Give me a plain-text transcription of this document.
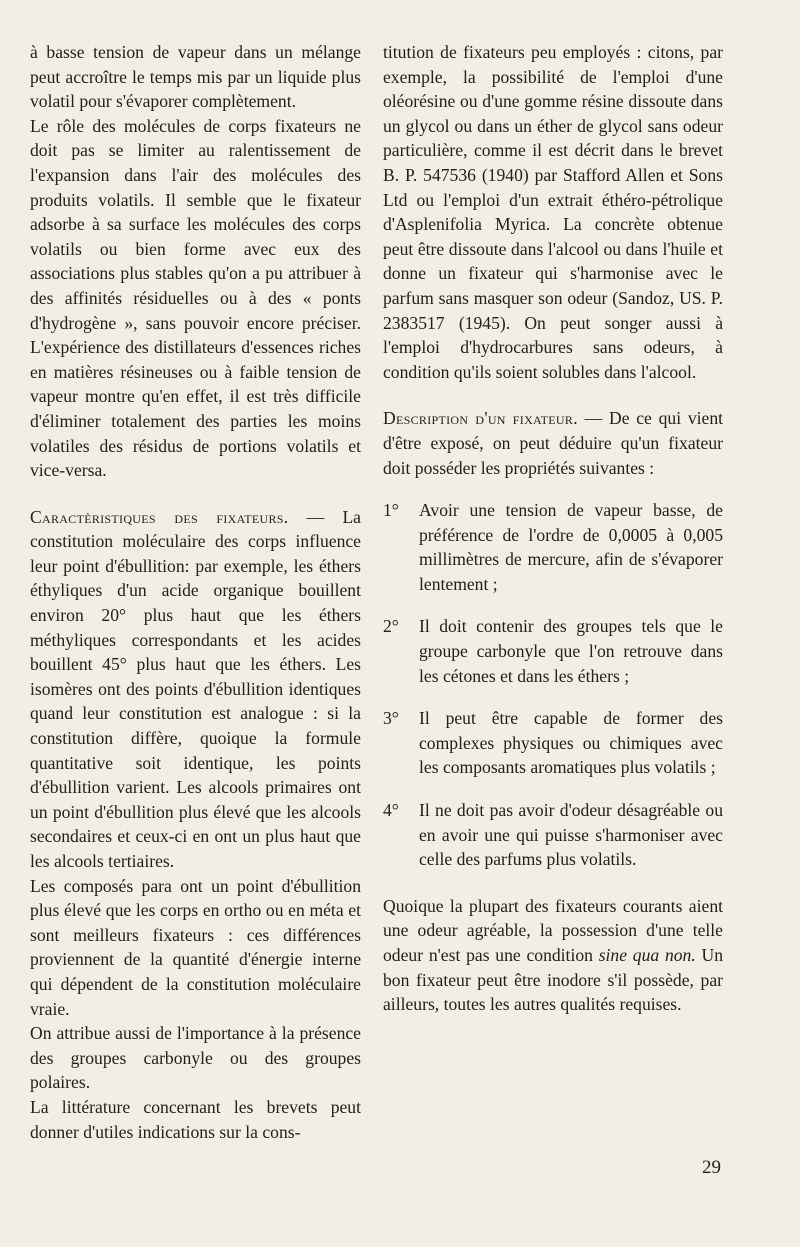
à basse tension de vapeur dans un mélange peut accroître le temps mis par un liquide plus volatil pour s'évaporer complètement.

Le rôle des molécules de corps fixateurs ne doit pas se limiter au ralentissement de l'expansion dans l'air des molécules des produits volatils. Il semble que le fixateur adsorbe à sa surface les molécules des corps volatils ou bien forme avec eux des associations plus stables qu'on a pu attribuer à des affinités résiduelles ou à des « ponts d'hydrogène », sans pouvoir encore préciser. L'expérience des distillateurs d'essences riches en matières résineuses ou à faible tension de vapeur montre qu'en effet, il est très difficile d'éliminer totalement des parties les moins volatiles des résidus de portions volatils et vice-versa.

Caractèristiques des fixateurs. — La constitution moléculaire des corps influence leur point d'ébullition: par exemple, les éthers éthyliques d'un acide organique bouillent environ 20° plus haut que les éthers méthyliques correspondants et les acides bouillent 45° plus haut que les éthers. Les isomères ont des points d'ébullition identiques quand leur constitution est analogue : si la constitution diffère, quoique la formule quantitative soit identique, les points d'ébullition varient. Les alcools primaires ont un point d'ébullition plus élevé que les alcools secondaires et ceux-ci en ont un plus haut que les alcools tertiaires.

Les composés para ont un point d'ébullition plus élevé que les corps en ortho ou en méta et sont meilleurs fixateurs : ces différences proviennent de la quantité d'énergie interne qui dépendent de la constitution moléculaire vraie.

On attribue aussi de l'importance à la présence des groupes carbonyle ou des groupes polaires.

La littérature concernant les brevets peut donner d'utiles indications sur la cons-

titution de fixateurs peu employés : citons, par exemple, la possibilité de l'emploi d'une oléorésine ou d'une gomme résine dissoute dans un glycol ou dans un éther de glycol sans odeur particulière, comme il est décrit dans le brevet B. P. 547536 (1940) par Stafford Allen et Sons Ltd ou l'emploi d'un extrait éthéro-pétrolique d'Asplenifolia Myrica. La concrète obtenue peut être dissoute dans l'alcool ou dans l'huile et donne un fixateur qui s'harmonise avec le parfum sans masquer son odeur (Sandoz, US. P. 2383517 (1945). On peut songer aussi à l'emploi d'hydrocarbures sans odeurs, à condition qu'ils soient solubles dans l'alcool.

Description d'un fixateur. — De ce qui vient d'être exposé, on peut déduire qu'un fixateur doit posséder les propriétés suivantes :

1°	Avoir une tension de vapeur basse, de préférence de l'ordre de 0,0005 à 0,005 millimètres de mercure, afin de s'évaporer lentement ;
2°	Il doit contenir des groupes tels que le groupe carbonyle que l'on retrouve dans les cétones et dans les éthers ;
3°	Il peut être capable de former des complexes physiques ou chimiques avec les composants aromatiques plus volatils ;
4°	Il ne doit pas avoir d'odeur désagréable ou en avoir une qui puisse s'harmoniser avec celle des parfums plus volatils.

Quoique la plupart des fixateurs courants aient une odeur agréable, la possession d'une telle odeur n'est pas une condition sine qua non. Un bon fixateur peut être inodore s'il possède, par ailleurs, toutes les autres qualités requises.

29
